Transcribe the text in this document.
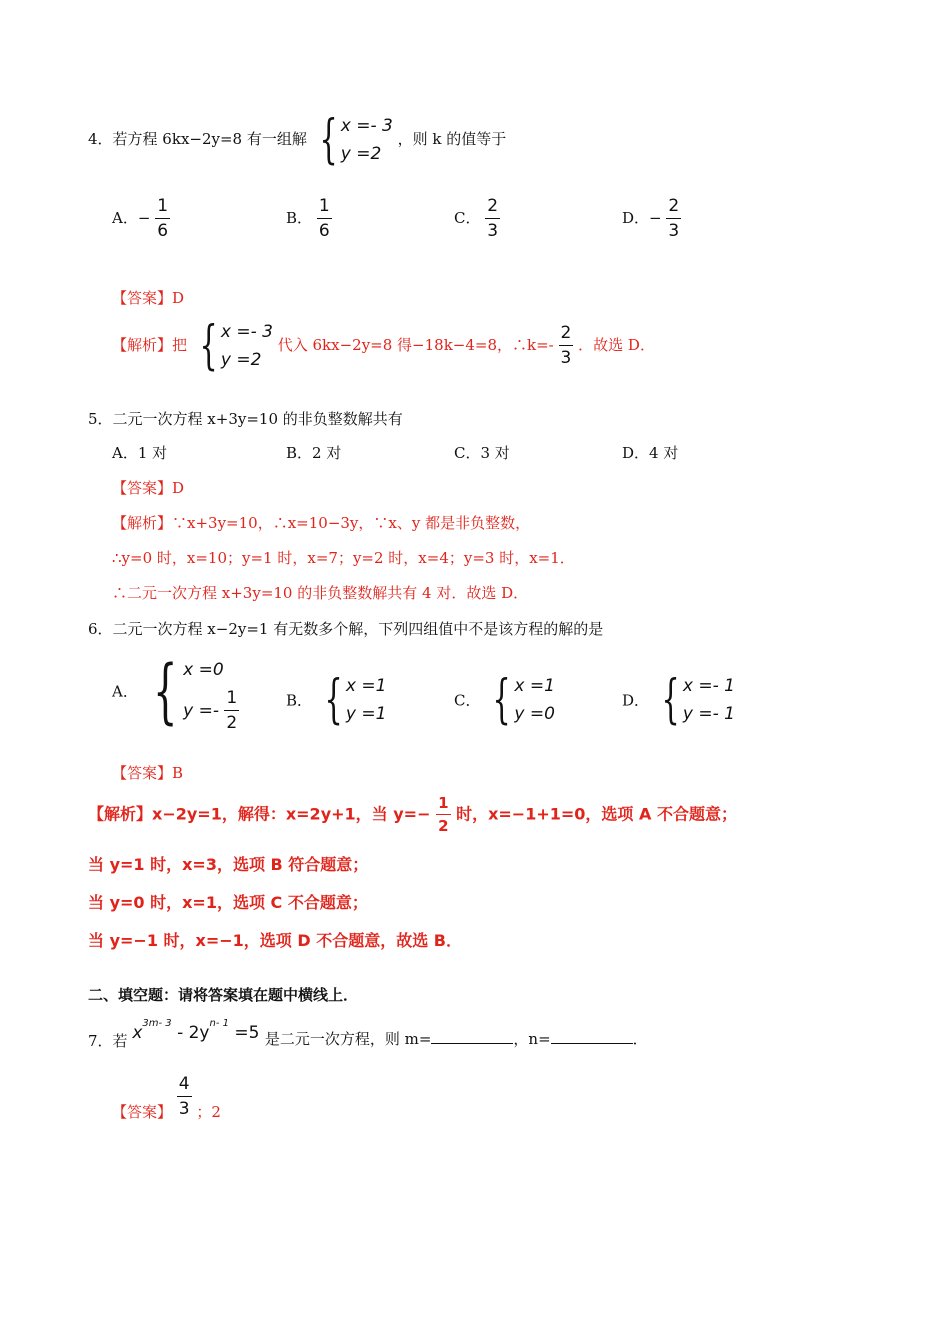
4．若方程 6kx−2y=8 有一组解 { x =- 3
y =2
，则 k 的值等于
A．− $\frac{1}{6}$	B． $\frac{1}{6}$	C． $\frac{2}{3}$	D．− $\frac{2}{3}$
【答案】D
【解析】把 { x =- 3
y =2
代入 6kx−2y=8 得−18k−4=8，∴k=- $\frac{2}{3}$ ．故选 D．
5．二元一次方程 x+3y=10 的非负整数解共有
A．1 对	B．2 对	C．3 对	D．4 对
【答案】D
【解析】∵x+3y=10，∴x=10−3y，∵x、y 都是非负整数，
∴y=0 时，x=10；y=1 时，x=7；y=2 时，x=4；y=3 时，x=1．
∴二元一次方程 x+3y=10 的非负整数解共有 4 对．故选 D．
6．二元一次方程 x−2y=1 有无数多个解，下列四组值中不是该方程的解的是
A． { x =0
$y =- \frac{1}{2}$	B． { x =1
y =1
C． { x =1
y =0
D． { x =- 1
y =- 1
【答案】B
【解析】x−2y=1，解得：x=2y+1，当 $y=- \frac{1}{2}$ 时，x=−1+1=0，选项 A 不合题意；
当 y=1 时，x=3，选项 B 符合题意；
当 y=0 时，x=1，选项 C 不合题意；
当 y=−1 时，x=−1，选项 D 不合题意，故选 B．
二、填空题：请将答案填在题中横线上．
7．若 $x^{3m- 3} - 2y^{n- 1} =5$ 是二元一次方程，则 m=	，n=	．
【答案】 $\frac{4}{3}$ ；2
